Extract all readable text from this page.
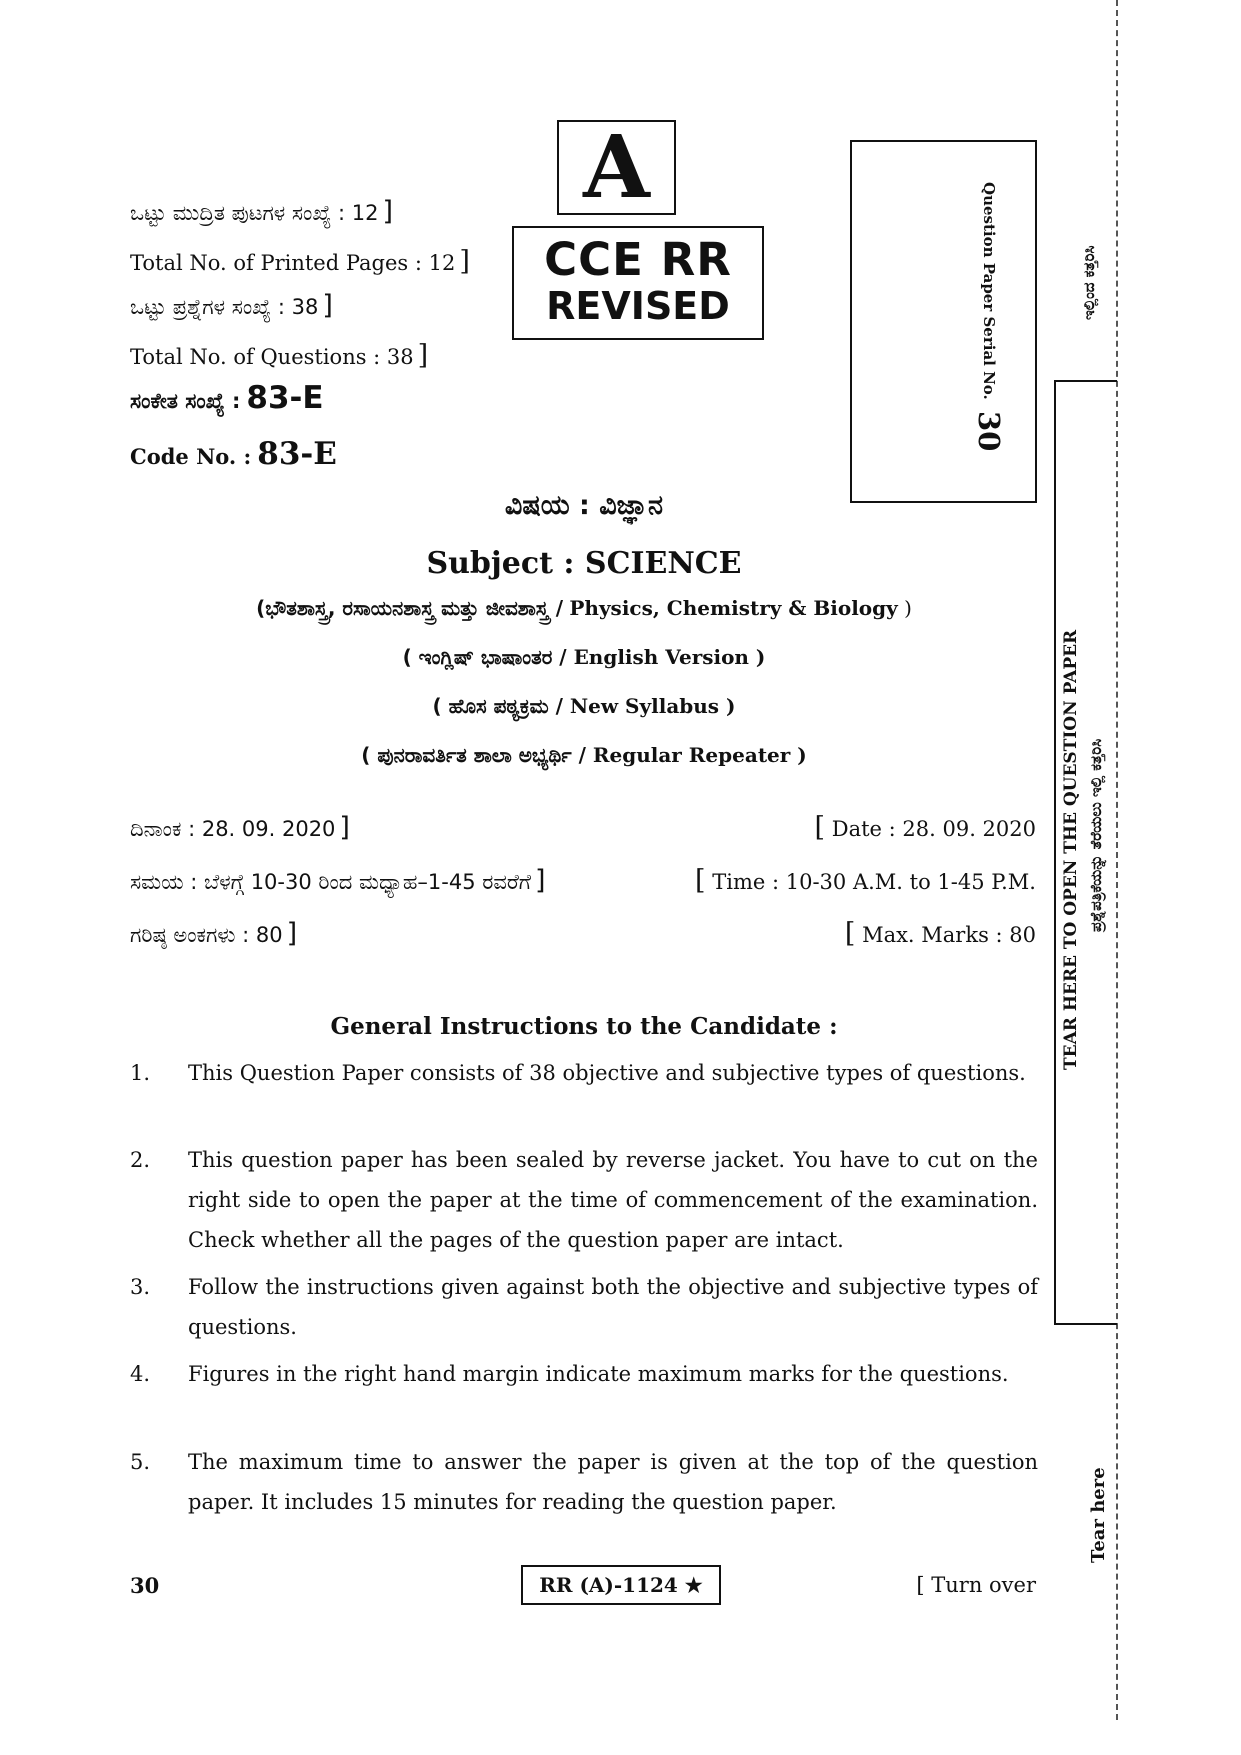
ಒಟ್ಟು ಮುದ್ರಿತ ಪುಟಗಳ ಸಂಖ್ಯೆ : 12 ]
Total No. of Printed Pages : 12 ]
ಒಟ್ಟು ಪ್ರಶ್ನೆಗಳ ಸಂಖ್ಯೆ : 38 ]
Total No. of Questions : 38 ]
ಸಂಕೇತ ಸಂಖ್ಯೆ : 83-E
Code No. : 83-E
A
CCE RR
REVISED	Question Paper Serial No. 30
ವಿಷಯ : ವಿಜ್ಞಾನ
Subject : SCIENCE
(ಭೌತಶಾಸ್ತ್ರ, ರಸಾಯನಶಾಸ್ತ್ರ ಮತ್ತು ಜೀವಶಾಸ್ತ್ರ / Physics, Chemistry & Biology )
( ಇಂಗ್ಲಿಷ್ ಭಾಷಾಂತರ / English Version )
( ಹೊಸ ಪಠ್ಯಕ್ರಮ / New Syllabus )
( ಪುನರಾವರ್ತಿತ ಶಾಲಾ ಅಭ್ಯರ್ಥಿ / Regular Repeater )
ದಿನಾಂಕ : 28. 09. 2020 ]	[ Date : 28. 09. 2020
ಸಮಯ : ಬೆಳಗ್ಗೆ 10-30 ರಿಂದ ಮಧ್ಯಾಹ–1-45 ರವರೆಗೆ ]	[ Time : 10-30 A.M. to 1-45 P.M.
ಗರಿಷ್ಠ ಅಂಕಗಳು : 80 ]	[ Max. Marks : 80
General Instructions to the Candidate :
1. This Question Paper consists of 38 objective and subjective types of questions.
2. This question paper has been sealed by reverse jacket. You have to cut on the right side to open the paper at the time of commencement of the examination. Check whether all the pages of the question paper are intact.
3. Follow the instructions given against both the objective and subjective types of questions.
4. Figures in the right hand margin indicate maximum marks for the questions.
5. The maximum time to answer the paper is given at the top of the question paper. It includes 15 minutes for reading the question paper.
30	RR (A)-1124 ★	[ Turn over
ಇಲ್ಲಿಂದ ಕತ್ತರಿಸಿ
TEAR HERE TO OPEN THE QUESTION PAPER ಪ್ರಶ್ನೆಪತ್ರಿಕೆಯನ್ನು ತೆರೆಯಲು ಇಲ್ಲಿ ಕತ್ತರಿಸಿ
Tear here
